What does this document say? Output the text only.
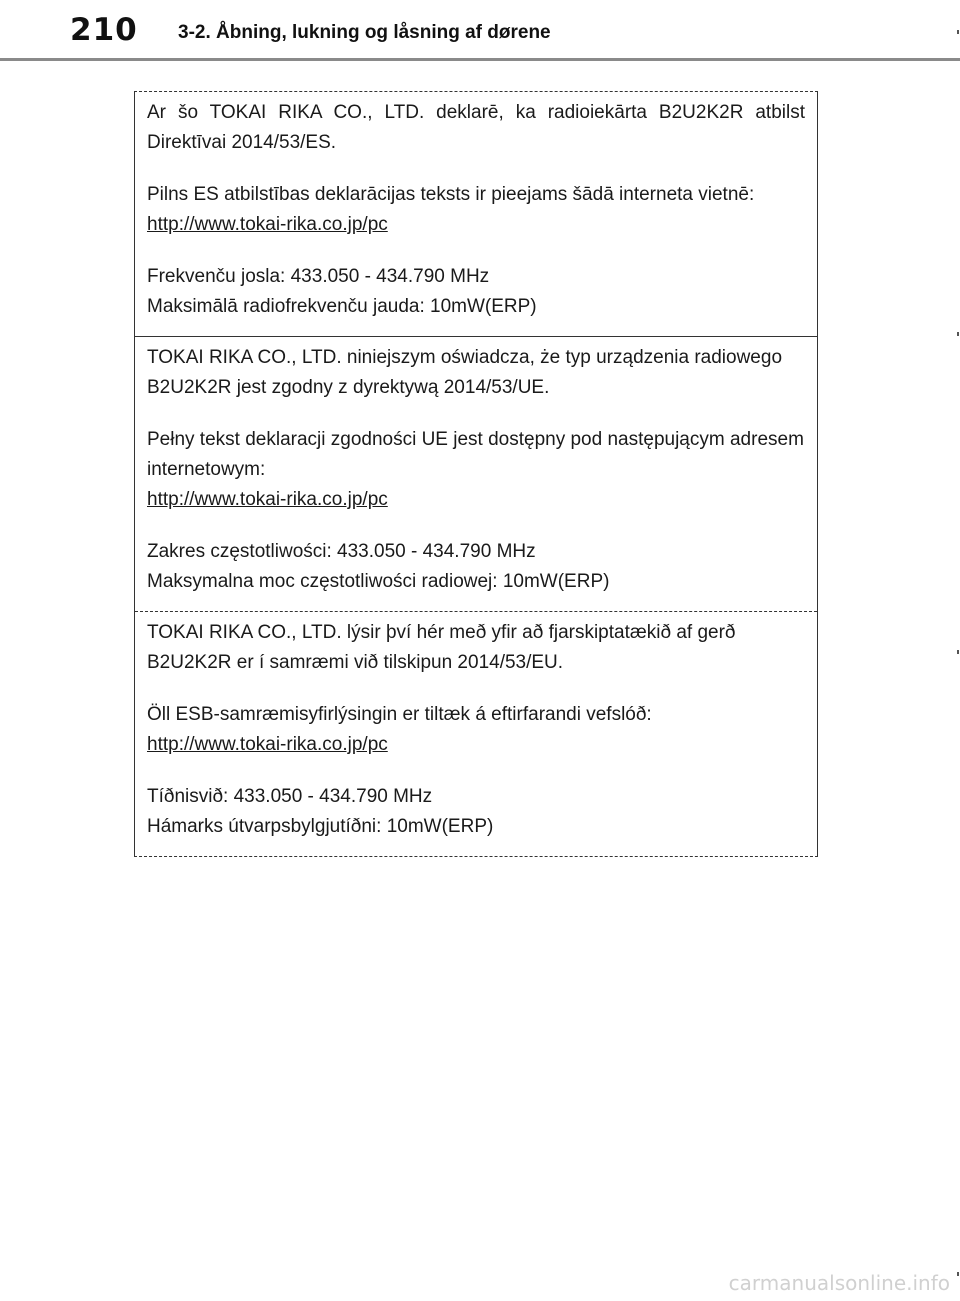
210 3-2. Åbning, lukning og låsning af dørene

Ar šo TOKAI RIKA CO., LTD. deklarē, ka radioiekārta B2U2K2R atbilst Direktīvai 2014/53/ES.

Pilns ES atbilstības deklarācijas teksts ir pieejams šādā interneta vietnē:

http://www.tokai-rika.co.jp/pc

Frekvenču josla: 433.050 - 434.790 MHz

Maksimālā radiofrekvenču jauda: 10mW(ERP)

TOKAI RIKA CO., LTD. niniejszym oświadcza, że typ urządzenia radiowego B2U2K2R jest zgodny z dyrektywą 2014/53/UE.

Pełny tekst deklaracji zgodności UE jest dostępny pod następującym adresem internetowym:

http://www.tokai-rika.co.jp/pc

Zakres częstotliwości: 433.050 - 434.790 MHz

Maksymalna moc częstotliwości radiowej: 10mW(ERP)

TOKAI RIKA CO., LTD. lýsir því hér með yfir að fjarskiptatækið af gerð B2U2K2R er í samræmi við tilskipun 2014/53/EU.

Öll ESB-samræmisyfirlýsingin er tiltæk á eftirfarandi vefslóð:

http://www.tokai-rika.co.jp/pc

Tíðnisvið: 433.050 - 434.790 MHz

Hámarks útvarpsbylgjutíðni: 10mW(ERP)

carmanualsonline.info
